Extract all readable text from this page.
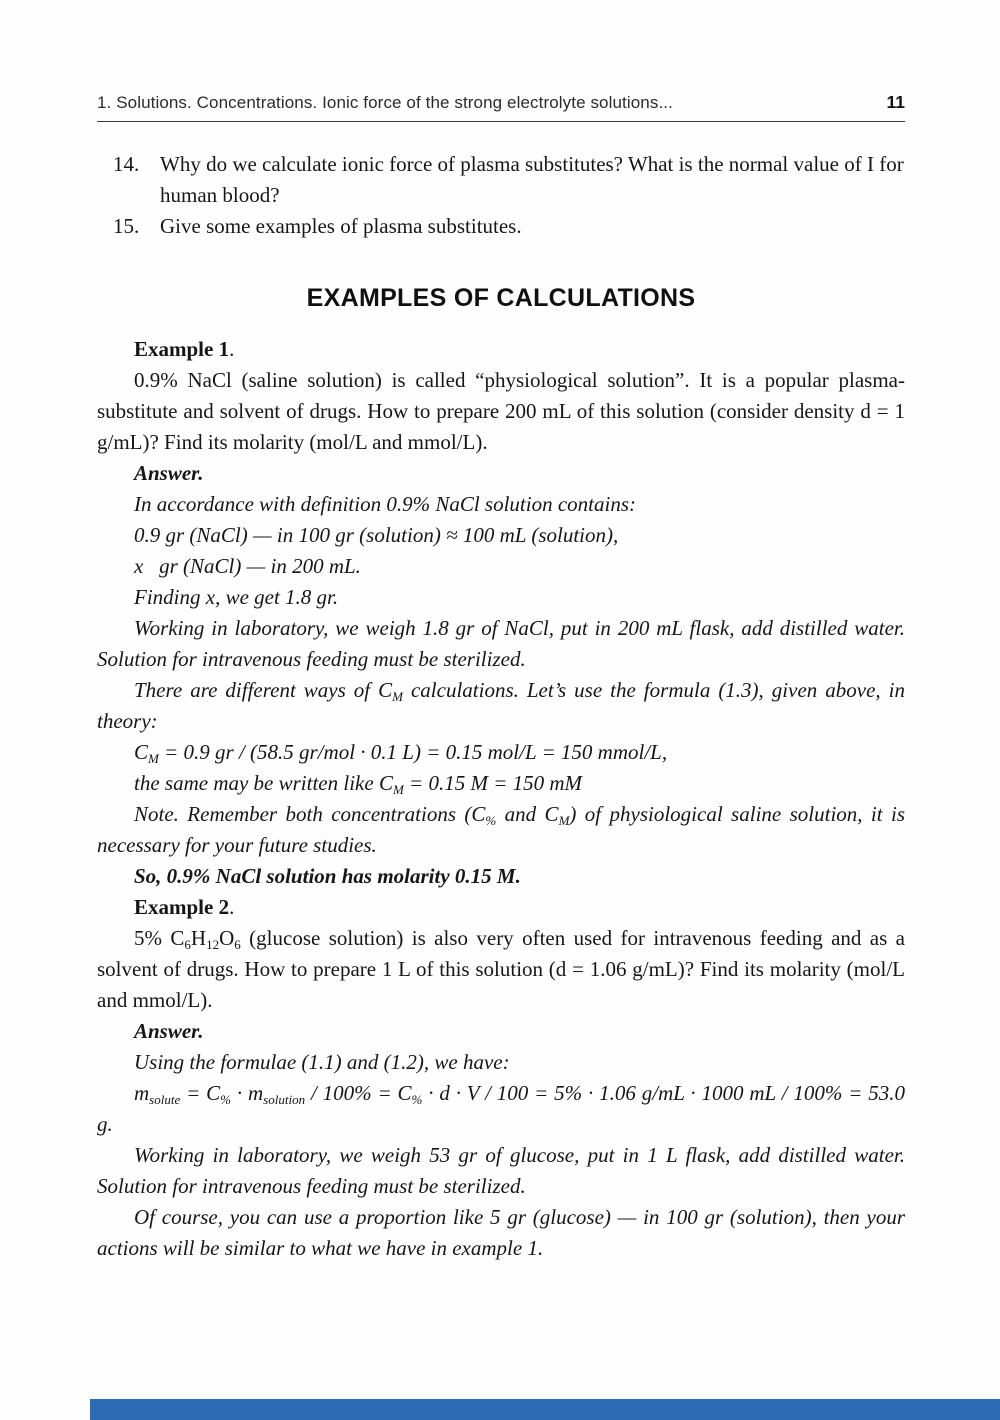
1. Solutions. Concentrations. Ionic force of the strong electrolyte solutions...	11
14. Why do we calculate ionic force of plasma substitutes? What is the normal value of I for human blood?
15. Give some examples of plasma substitutes.
EXAMPLES OF CALCULATIONS

Example 1.

0.9% NaCl (saline solution) is called “physiological solution”. It is a popular plasma-substitute and solvent of drugs. How to prepare 200 mL of this solution (consider density d = 1 g/mL)? Find its molarity (mol/L and mmol/L).

Answer.

In accordance with definition 0.9% NaCl solution contains:

0.9 gr (NaCl) — in 100 gr (solution) ≈ 100 mL (solution),

x   gr (NaCl) — in 200 mL.

Finding x, we get 1.8 gr.

Working in laboratory, we weigh 1.8 gr of NaCl, put in 200 mL flask, add distilled water. Solution for intravenous feeding must be sterilized.

There are different ways of $C_M$ calculations. Let’s use the formula (1.3), given above, in theory:

$C_M = 0.9$ gr / (58.5 gr/mol · 0.1 L) = 0.15 mol/L = 150 mmol/L,

the same may be written like $C_M = 0.15$ M = 150 mM

Note. Remember both concentrations ($C_{\%}$ and $C_M$) of physiological saline solution, it is necessary for your future studies.

So, 0.9% NaCl solution has molarity 0.15 M.

Example 2.

5% $C_6H_{12}O_6$ (glucose solution) is also very often used for intravenous feeding and as a solvent of drugs. How to prepare 1 L of this solution (d = 1.06 g/mL)? Find its molarity (mol/L and mmol/L).

Answer.

Using the formulae (1.1) and (1.2), we have:

$m_{solute} = C_{\%} \cdot m_{solution} / 100\% = C_{\%} \cdot d \cdot V / 100 = 5\% \cdot 1.06$ g/mL · 1000 mL / 100% = 53.0 g.

Working in laboratory, we weigh 53 gr of glucose, put in 1 L flask, add distilled water. Solution for intravenous feeding must be sterilized.

Of course, you can use a proportion like 5 gr (glucose) — in 100 gr (solution), then your actions will be similar to what we have in example 1.
